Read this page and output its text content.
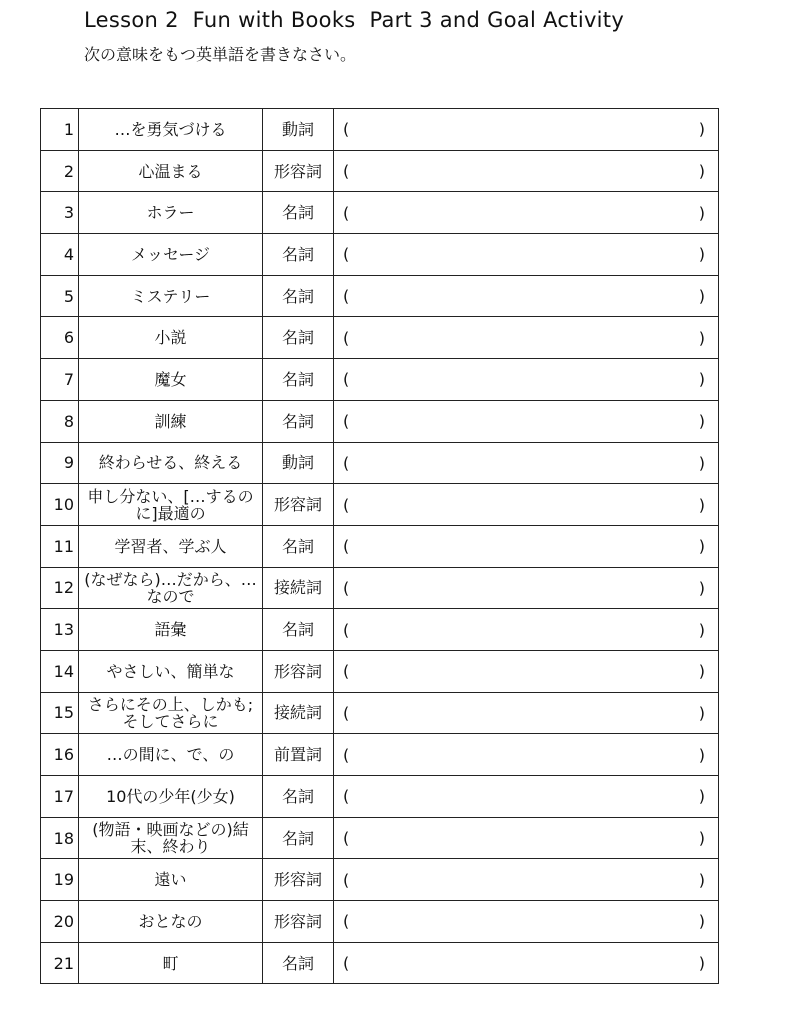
Lesson 2  Fun with Books  Part 3 and Goal Activity
次の意味をもつ英単語を書きなさい。
1	…を勇気づける	動詞	( )

2	心温まる	形容詞	( )

3	ホラー	名詞	( )

4	メッセージ	名詞	( )

5	ミステリー	名詞	( )

6	小説	名詞	( )

7	魔女	名詞	( )

8	訓練	名詞	( )

9	終わらせる、終える	動詞	( )

10	申し分ない、[…するのに]最適の	形容詞	( )

11	学習者、学ぶ人	名詞	( )

12	(なぜなら)…だから、…なので	接続詞	( )

13	語彙	名詞	( )

14	やさしい、簡単な	形容詞	( )

15	さらにその上、しかも;そしてさらに	接続詞	( )

16	…の間に、で、の	前置詞	( )

17	10代の少年(少女)	名詞	( )

18	(物語・映画などの)結末、終わり	名詞	( )

19	遠い	形容詞	( )

20	おとなの	形容詞	( )

21	町	名詞	( )
